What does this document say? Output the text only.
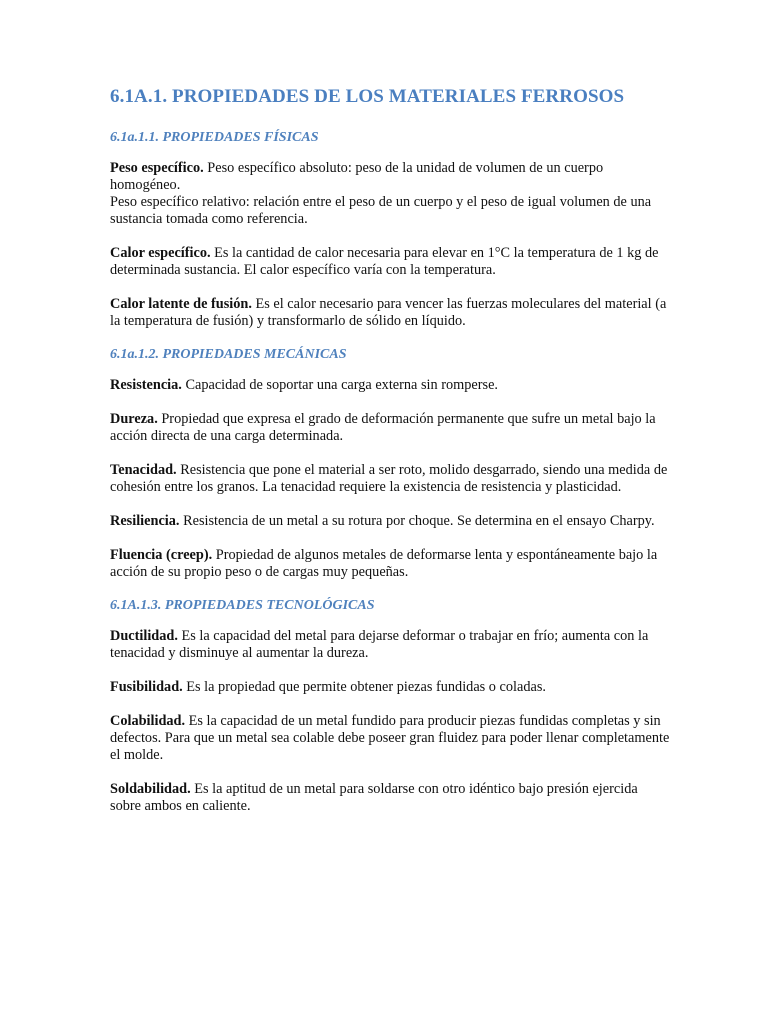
6.1A.1. PROPIEDADES DE LOS MATERIALES FERROSOS
6.1a.1.1. PROPIEDADES FÍSICAS

Peso específico. Peso específico absoluto: peso de la unidad de volumen de un cuerpo homogéneo.
Peso específico relativo: relación entre el peso de un cuerpo y el peso de igual volumen de una sustancia tomada como referencia.

Calor específico. Es la cantidad de calor necesaria para elevar en 1°C la temperatura de 1 kg de determinada sustancia. El calor específico varía con la temperatura.

Calor latente de fusión. Es el calor necesario para vencer las fuerzas moleculares del material (a la temperatura de fusión) y transformarlo de sólido en líquido.

6.1a.1.2. PROPIEDADES MECÁNICAS

Resistencia. Capacidad de soportar una carga externa sin romperse.

Dureza. Propiedad que expresa el grado de deformación permanente que sufre un metal bajo la acción directa de una carga determinada.

Tenacidad. Resistencia que pone el material a ser roto, molido desgarrado, siendo una medida de cohesión entre los granos. La tenacidad requiere la existencia de resistencia y plasticidad.

Resiliencia. Resistencia de un metal a su rotura por choque. Se determina en el ensayo Charpy.

Fluencia (creep). Propiedad de algunos metales de deformarse lenta y espontáneamente bajo la acción de su propio peso o de cargas muy pequeñas.

6.1A.1.3. PROPIEDADES TECNOLÓGICAS

Ductilidad. Es la capacidad del metal para dejarse deformar o trabajar en frío; aumenta con la tenacidad y disminuye al aumentar la dureza.

Fusibilidad. Es la propiedad que permite obtener piezas fundidas o coladas.

Colabilidad. Es la capacidad de un metal fundido para producir piezas fundidas completas y sin defectos. Para que un metal sea colable debe poseer gran fluidez para poder llenar completamente el molde.

Soldabilidad. Es la aptitud de un metal para soldarse con otro idéntico bajo presión ejercida sobre ambos en caliente.
